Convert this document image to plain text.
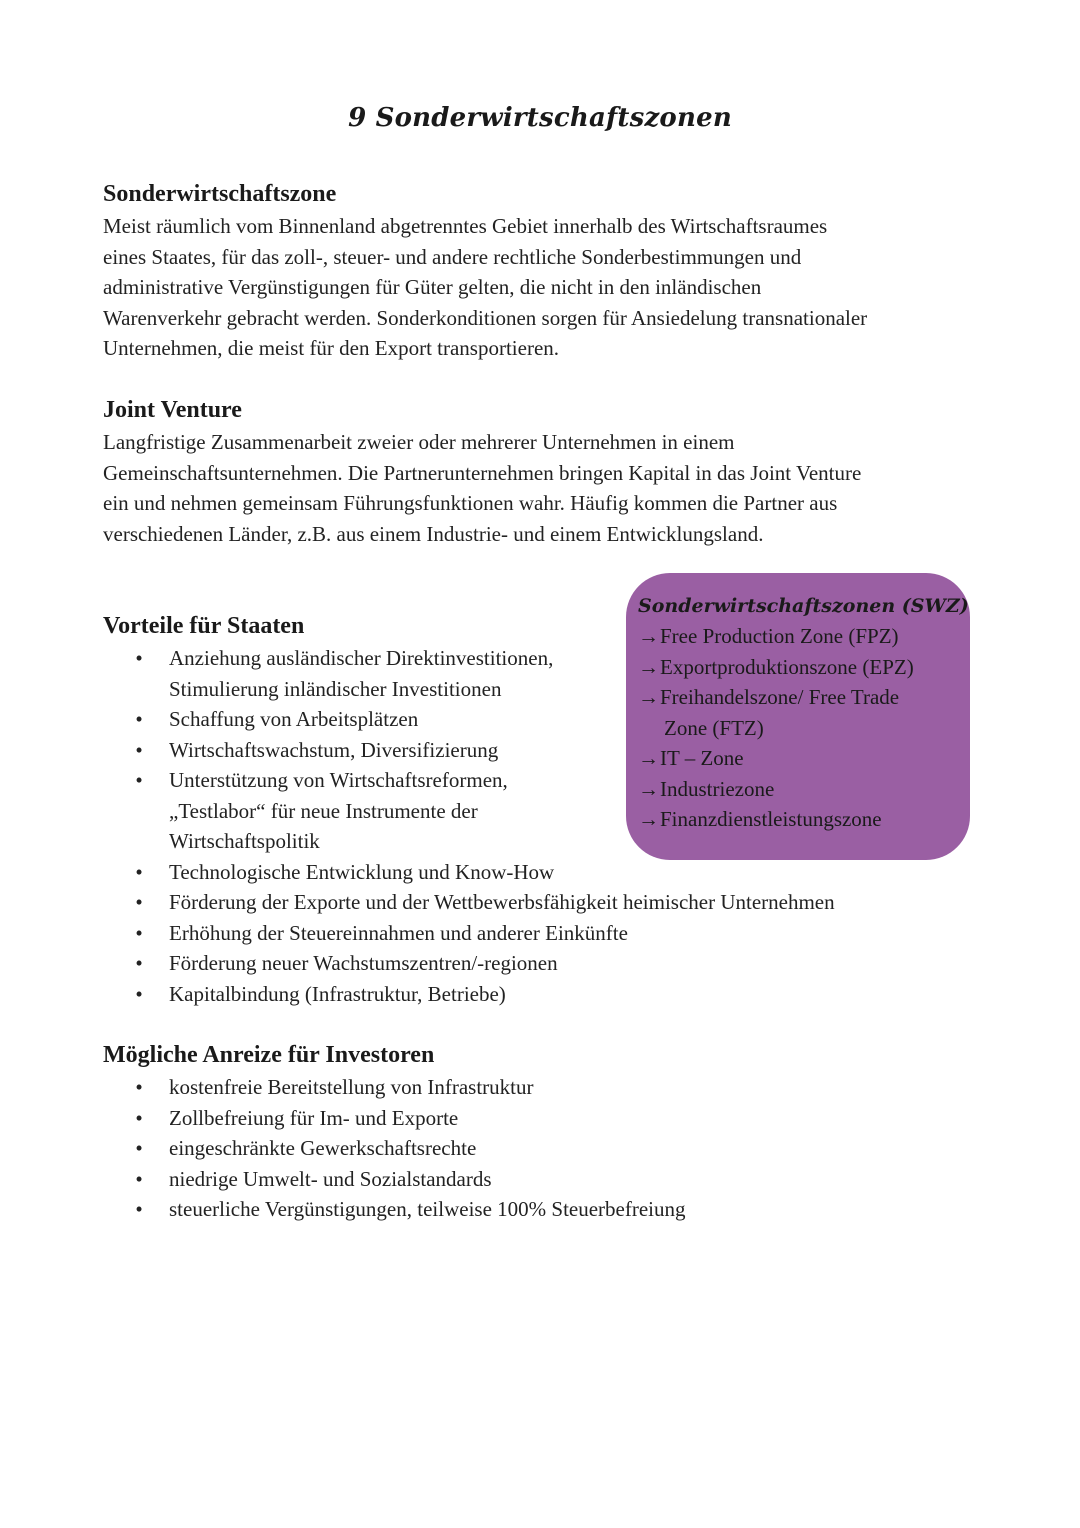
9 Sonderwirtschaftszonen
Sonderwirtschaftszone
Meist räumlich vom Binnenland abgetrenntes Gebiet innerhalb des Wirtschaftsraumes
eines Staates, für das zoll-, steuer- und andere rechtliche Sonderbestimmungen und
administrative Vergünstigungen für Güter gelten, die nicht in den inländischen
Warenverkehr gebracht werden. Sonderkonditionen sorgen für Ansiedelung transnationaler
Unternehmen, die meist für den Export transportieren.
Joint Venture
Langfristige Zusammenarbeit zweier oder mehrerer Unternehmen in einem
Gemeinschaftsunternehmen. Die Partnerunternehmen bringen Kapital in das Joint Venture
ein und nehmen gemeinsam Führungsfunktionen wahr. Häufig kommen die Partner aus
verschiedenen Länder, z.B. aus einem Industrie- und einem Entwicklungsland.
Sonderwirtschaftszonen (SWZ)
→ Free Production Zone (FPZ)
→ Exportproduktionszone (EPZ)
→ Freihandelszone/ Free Trade
Zone (FTZ)
→ IT – Zone
→ Industriezone
→ Finanzdienstleistungszone
Vorteile für Staaten
• Anziehung ausländischer Direktinvestitionen,
Stimulierung inländischer Investitionen
• Schaffung von Arbeitsplätzen
• Wirtschaftswachstum, Diversifizierung
• Unterstützung von Wirtschaftsreformen,
„Testlabor“ für neue Instrumente der
Wirtschaftspolitik
• Technologische Entwicklung und Know-How
• Förderung der Exporte und der Wettbewerbsfähigkeit heimischer Unternehmen
• Erhöhung der Steuereinnahmen und anderer Einkünfte
• Förderung neuer Wachstumszentren/-regionen
• Kapitalbindung (Infrastruktur, Betriebe)
Mögliche Anreize für Investoren
• kostenfreie Bereitstellung von Infrastruktur
• Zollbefreiung für Im- und Exporte
• eingeschränkte Gewerkschaftsrechte
• niedrige Umwelt- und Sozialstandards
• steuerliche Vergünstigungen, teilweise 100% Steuerbefreiung
